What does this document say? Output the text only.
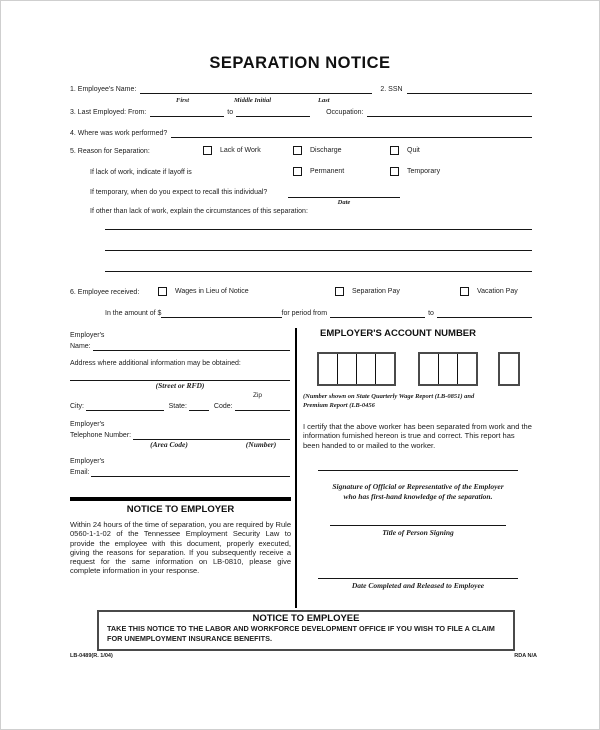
SEPARATION NOTICE
1. Employee's Name:	2. SSN
First	Middle Initial	Last
3. Last Employed: From:	to	Occupation:
4. Where was work performed?
5. Reason for Separation:	Lack of Work	Discharge	Quit
If lack of work, indicate if layoff is	Permanent	Temporary
If temporary, when do you expect to recall this individual?
Date
If other than lack of work, explain the circumstances of this separation:
6. Employee received:	Wages in Lieu of Notice	Separation Pay	Vacation Pay
In the amount of $	for period from	to
Employer's
Name:
Address where additional information may be obtained:
(Street or RFD)
Zip
City:	State:	Code:
Employer's
Telephone Number:
(Area Code)	(Number)
Employer's
Email:
NOTICE TO EMPLOYER
Within 24 hours of the time of separation, you are required by Rule 0560-1-1-02 of the Tennessee Employment Security Law to provide the employee with this document, properly executed, giving the reasons for separation. If you subsequently receive a request for the same information on LB-0810, please give complete information in your response.
EMPLOYER'S ACCOUNT NUMBER
(Number shown on State Quarterly Wage Report (LB-0851) and Premium Report (LB-0456
I certify that the above worker has been separated from work and the information furnished hereon is true and correct. This report has been handed to or mailed to the worker.
Signature of Official or Representative of the Employer
who has first-hand knowledge of the separation.
Title of Person Signing
Date Completed and Released to Employee
NOTICE TO EMPLOYEE
TAKE THIS NOTICE TO THE LABOR AND WORKFORCE DEVELOPMENT OFFICE IF YOU WISH TO FILE A CLAIM FOR UNEMPLOYMENT INSURANCE BENEFITS.
LB-0489(R. 1/04)	RDA N/A
